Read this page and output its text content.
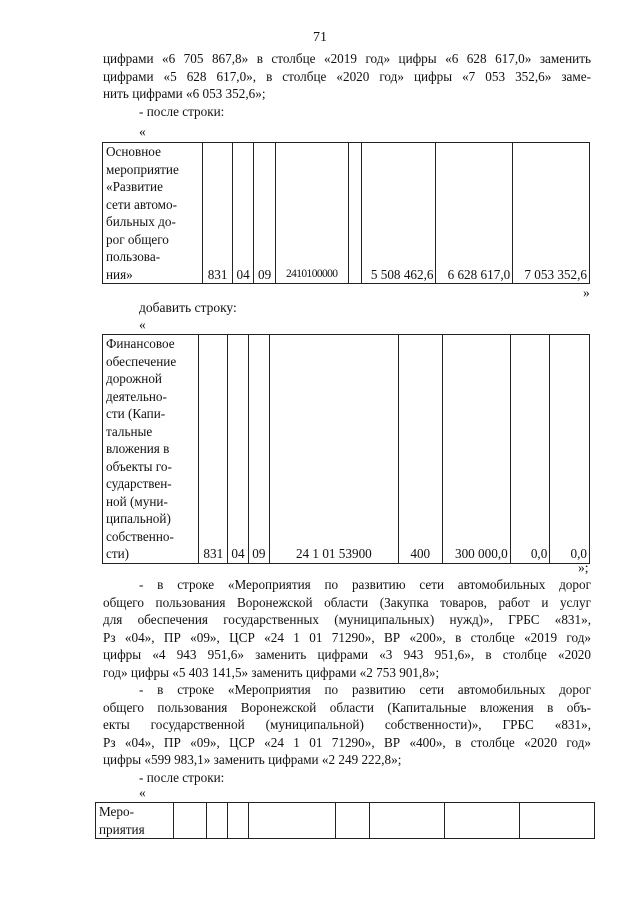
71
цифрами «6 705 867,8» в столбце «2019 год» цифры «6 628 617,0» заменить
цифрами «5 628 617,0», в столбце «2020 год» цифры «7 053 352,6» заме-
нить цифрами «6 053 352,6»;
- после строки:
«
Основное
мероприятие
«Развитие
сети автомо-
бильных до-
рог общего
пользова-
ния»	831	04	09	2410100000		5 508 462,6	6 628 617,0	7 053 352,6
»
добавить строку:
«
Финансовое
обеспечение
дорожной
деятельно-
сти (Капи-
тальные
вложения в
объекты го-
сударствен-
ной (муни-
ципальной)
собственно-
сти)	831	04	09	24 1 01 53900	400	300 000,0	0,0	0,0
»;
- в строке «Мероприятия по развитию сети автомобильных дорог
общего пользования Воронежской области (Закупка товаров, работ и услуг
для обеспечения государственных (муниципальных) нужд)», ГРБС «831»,
Рз «04», ПР «09», ЦСР «24 1 01 71290», ВР «200», в столбце «2019 год»
цифры «4 943 951,6» заменить цифрами «3 943 951,6», в столбце «2020
год» цифры «5 403 141,5» заменить цифрами «2 753 901,8»;
- в строке «Мероприятия по развитию сети автомобильных дорог
общего пользования Воронежской области (Капитальные вложения в объ-
екты государственной (муниципальной) собственности)», ГРБС «831»,
Рз «04», ПР «09», ЦСР «24 1 01 71290», ВР «400», в столбце «2020 год»
цифры «599 983,1» заменить цифрами «2 249 222,8»;
- после строки:
«
Меро-
приятия
